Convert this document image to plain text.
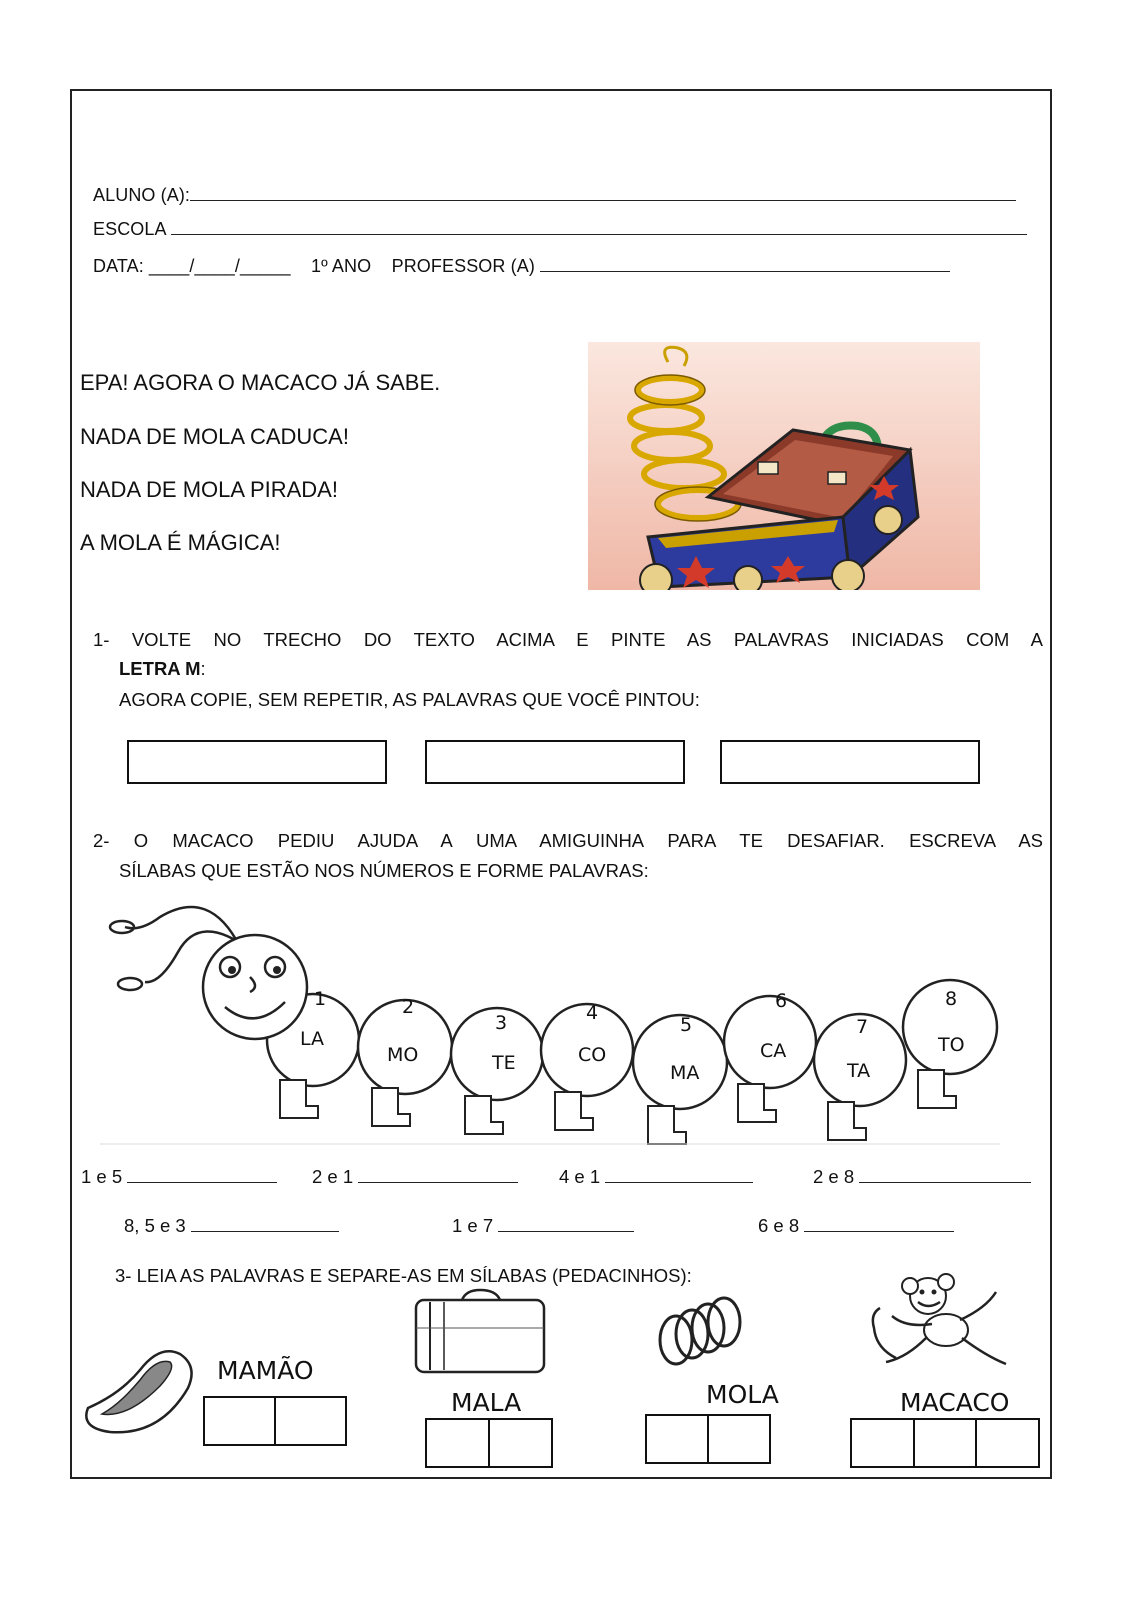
ALUNO (A):
ESCOLA
DATA: ____/____/_____ 1º ANO PROFESSOR (A)
EPA! AGORA O MACACO JÁ SABE.
NADA DE MOLA CADUCA!
NADA DE MOLA PIRADA!
A MOLA É MÁGICA!
1- VOLTE NO TRECHO DO TEXTO ACIMA E PINTE AS PALAVRAS INICIADAS COM A
LETRA M:
AGORA COPIE, SEM REPETIR, AS PALAVRAS QUE VOCÊ PINTOU:
2- O MACACO PEDIU AJUDA A UMA AMIGUINHA PARA TE DESAFIAR. ESCREVA AS
SÍLABAS QUE ESTÃO NOS NÚMEROS E FORME PALAVRAS:
1
LA
2
MO
3
TE
4
CO
5
MA
6
CA
7
TA
8
TO
1 e 5	2 e 1	4 e 1	2 e 8
8, 5 e 3	1 e 7	6 e 8
3- LEIA AS PALAVRAS E SEPARE-AS EM SÍLABAS (PEDACINHOS):
MAMÃO
MALA	MOLA	MACACO
